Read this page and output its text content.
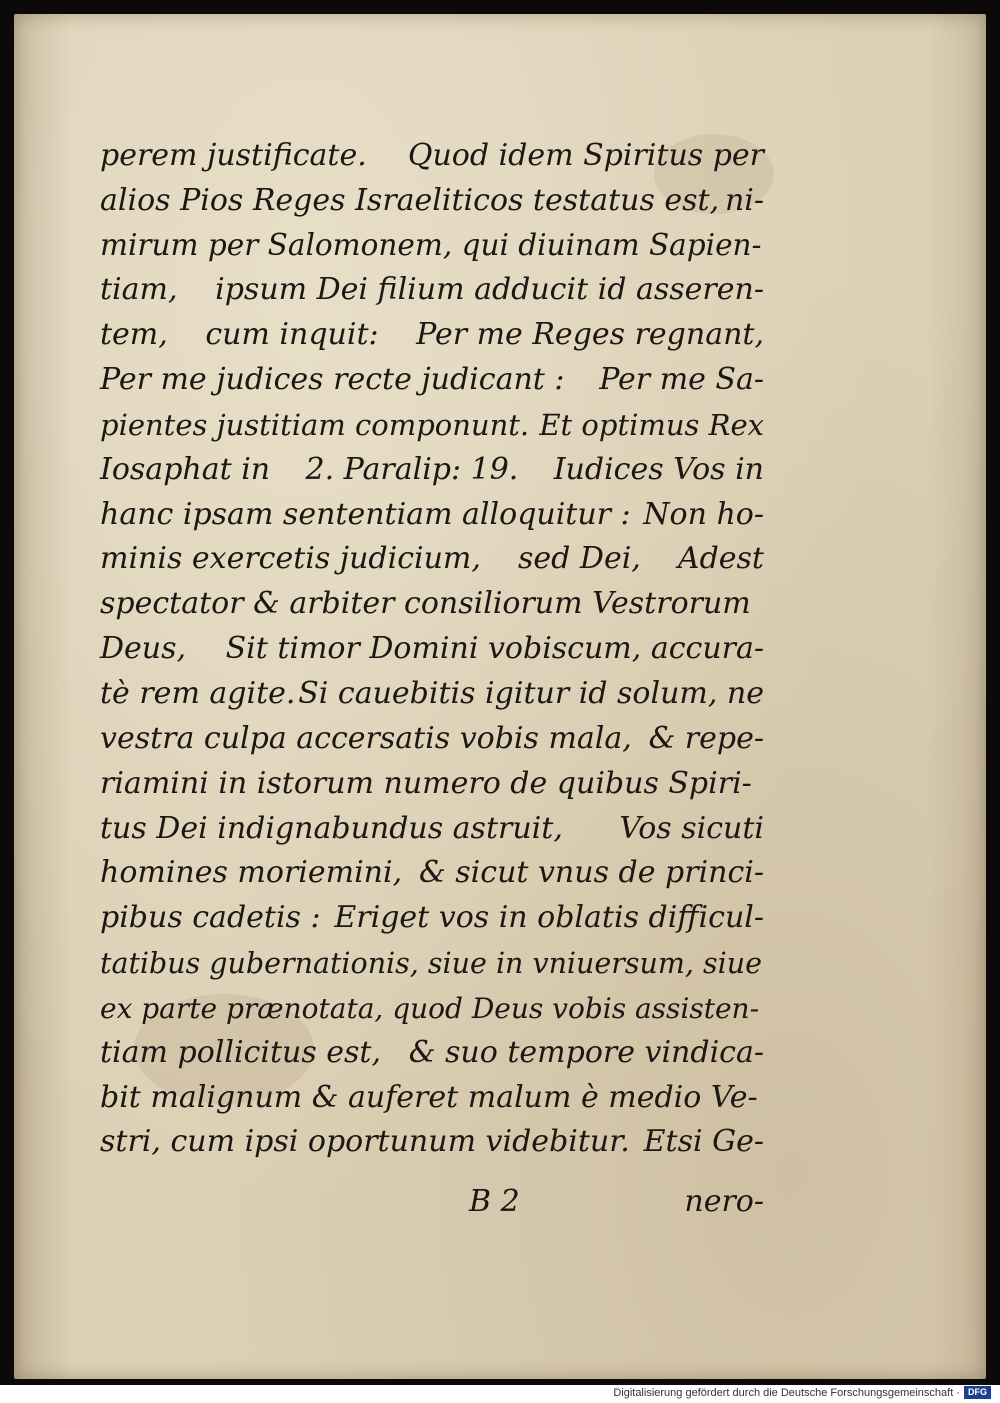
perem justificate. Quod idem Spiritus per
alios Pios Reges Israeliticos testatus est, ni-
mirum per Salomonem, qui diuinam Sapien-
tiam, ipsum Dei filium adducit id asseren-
tem, cum inquit: Per me Reges regnant,
Per me judices recte judicant : Per me Sa-
pientes justitiam componunt. Et optimus Rex
Iosaphat in 2. Paralip: 19. Iudices Vos in
hanc ipsam sententiam alloquitur : Non ho-
minis exercetis judicium, sed Dei, Adest
spectator & arbiter consiliorum Vestrorum
Deus, Sit timor Domini vobiscum, accura-
tè rem agite. Si cauebitis igitur id solum, ne
vestra culpa accersatis vobis mala, & repe-
riamini in istorum numero de quibus Spiri-
tus Dei indignabundus astruit, Vos sicuti
homines moriemini, & sicut vnus de princi-
pibus cadetis : Eriget vos in oblatis difficul-
tatibus gubernationis, siue in vniuersum, siue
ex parte prænotata, quod Deus vobis assisten-
tiam pollicitus est, & suo tempore vindica-
bit malignum & auferet malum è medio Ve-
stri, cum ipsi oportunum videbitur. Etsi Ge-
B 2	nero-
Digitalisierung gefördert durch die Deutsche Forschungsgemeinschaft · DFG
